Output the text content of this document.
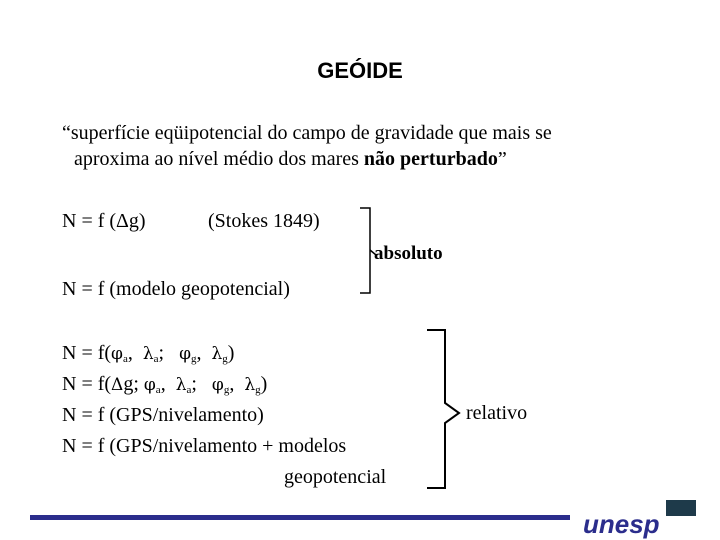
GEÓIDE
“superfície eqüipotencial do campo de gravidade que mais se
aproxima ao nível médio dos mares não perturbado”
N = f (Δg)	(Stokes 1849)
N = f (modelo geopotencial)
absoluto
$N = f(\varphi_a$,  $\lambda_a$;   $\varphi_g$,  $\lambda_g$)
N = f(Δg; $\varphi_a$,  $\lambda_a$;   $\varphi_g$,  $\lambda_g$)
N = f (GPS/nivelamento)
N = f (GPS/nivelamento + modelos
geopotencial
relativo
unesp
